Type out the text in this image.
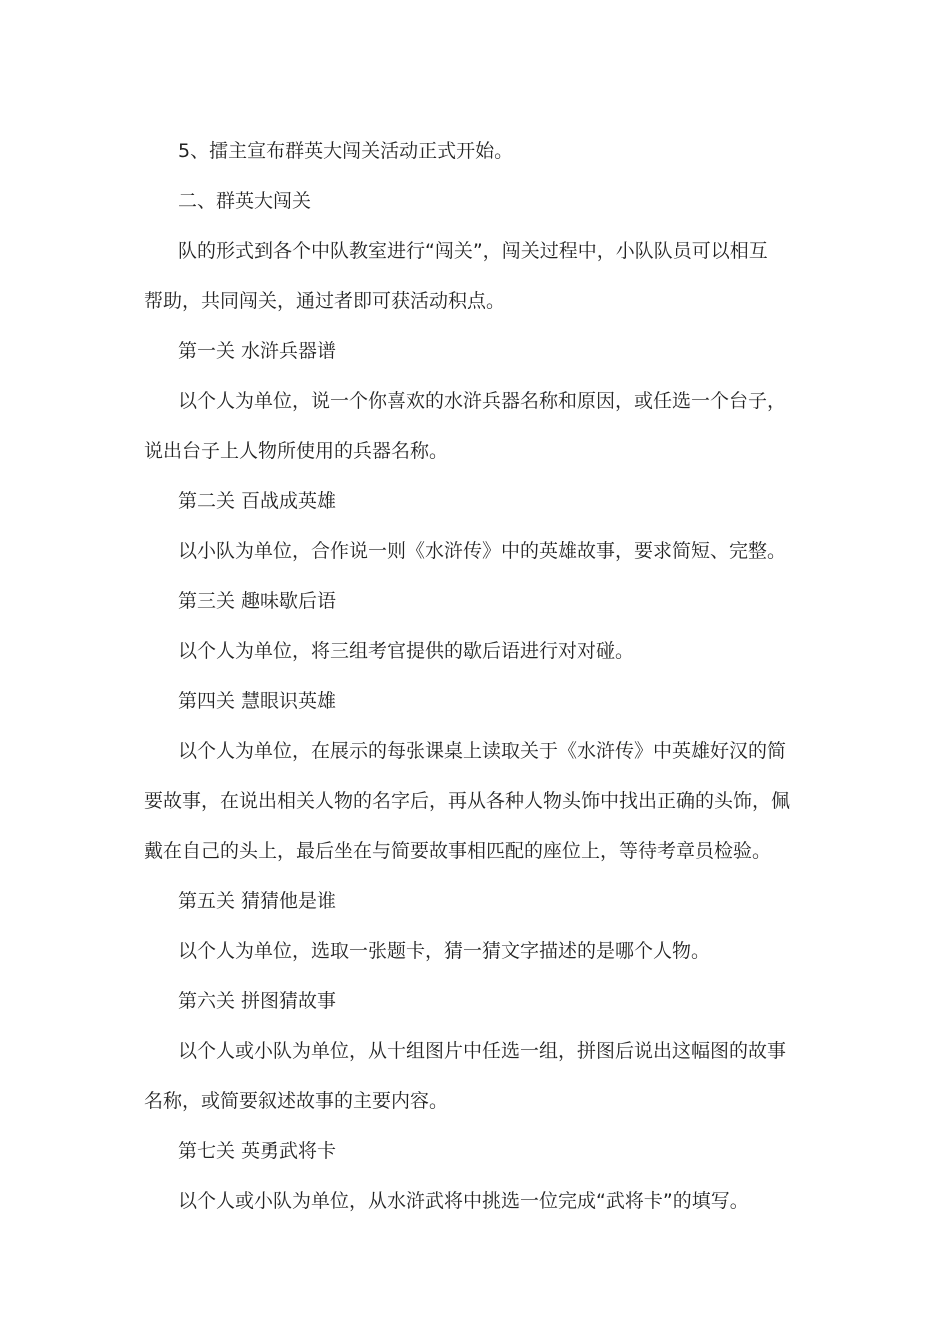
5、擂主宣布群英大闯关活动正式开始。
二、群英大闯关
队的形式到各个中队教室进行“闯关”，闯关过程中，小队队员可以相互
帮助，共同闯关，通过者即可获活动积点。
第一关 水浒兵器谱
以个人为单位，说一个你喜欢的水浒兵器名称和原因，或任选一个台子，
说出台子上人物所使用的兵器名称。
第二关 百战成英雄
以小队为单位，合作说一则《水浒传》中的英雄故事，要求简短、完整。
第三关 趣味歇后语
以个人为单位，将三组考官提供的歇后语进行对对碰。
第四关 慧眼识英雄
以个人为单位，在展示的每张课桌上读取关于《水浒传》中英雄好汉的简
要故事，在说出相关人物的名字后，再从各种人物头饰中找出正确的头饰，佩
戴在自己的头上，最后坐在与简要故事相匹配的座位上，等待考章员检验。
第五关 猜猜他是谁
以个人为单位，选取一张题卡，猜一猜文字描述的是哪个人物。
第六关 拼图猜故事
以个人或小队为单位，从十组图片中任选一组，拼图后说出这幅图的故事
名称，或简要叙述故事的主要内容。
第七关 英勇武将卡
以个人或小队为单位，从水浒武将中挑选一位完成“武将卡”的填写。
